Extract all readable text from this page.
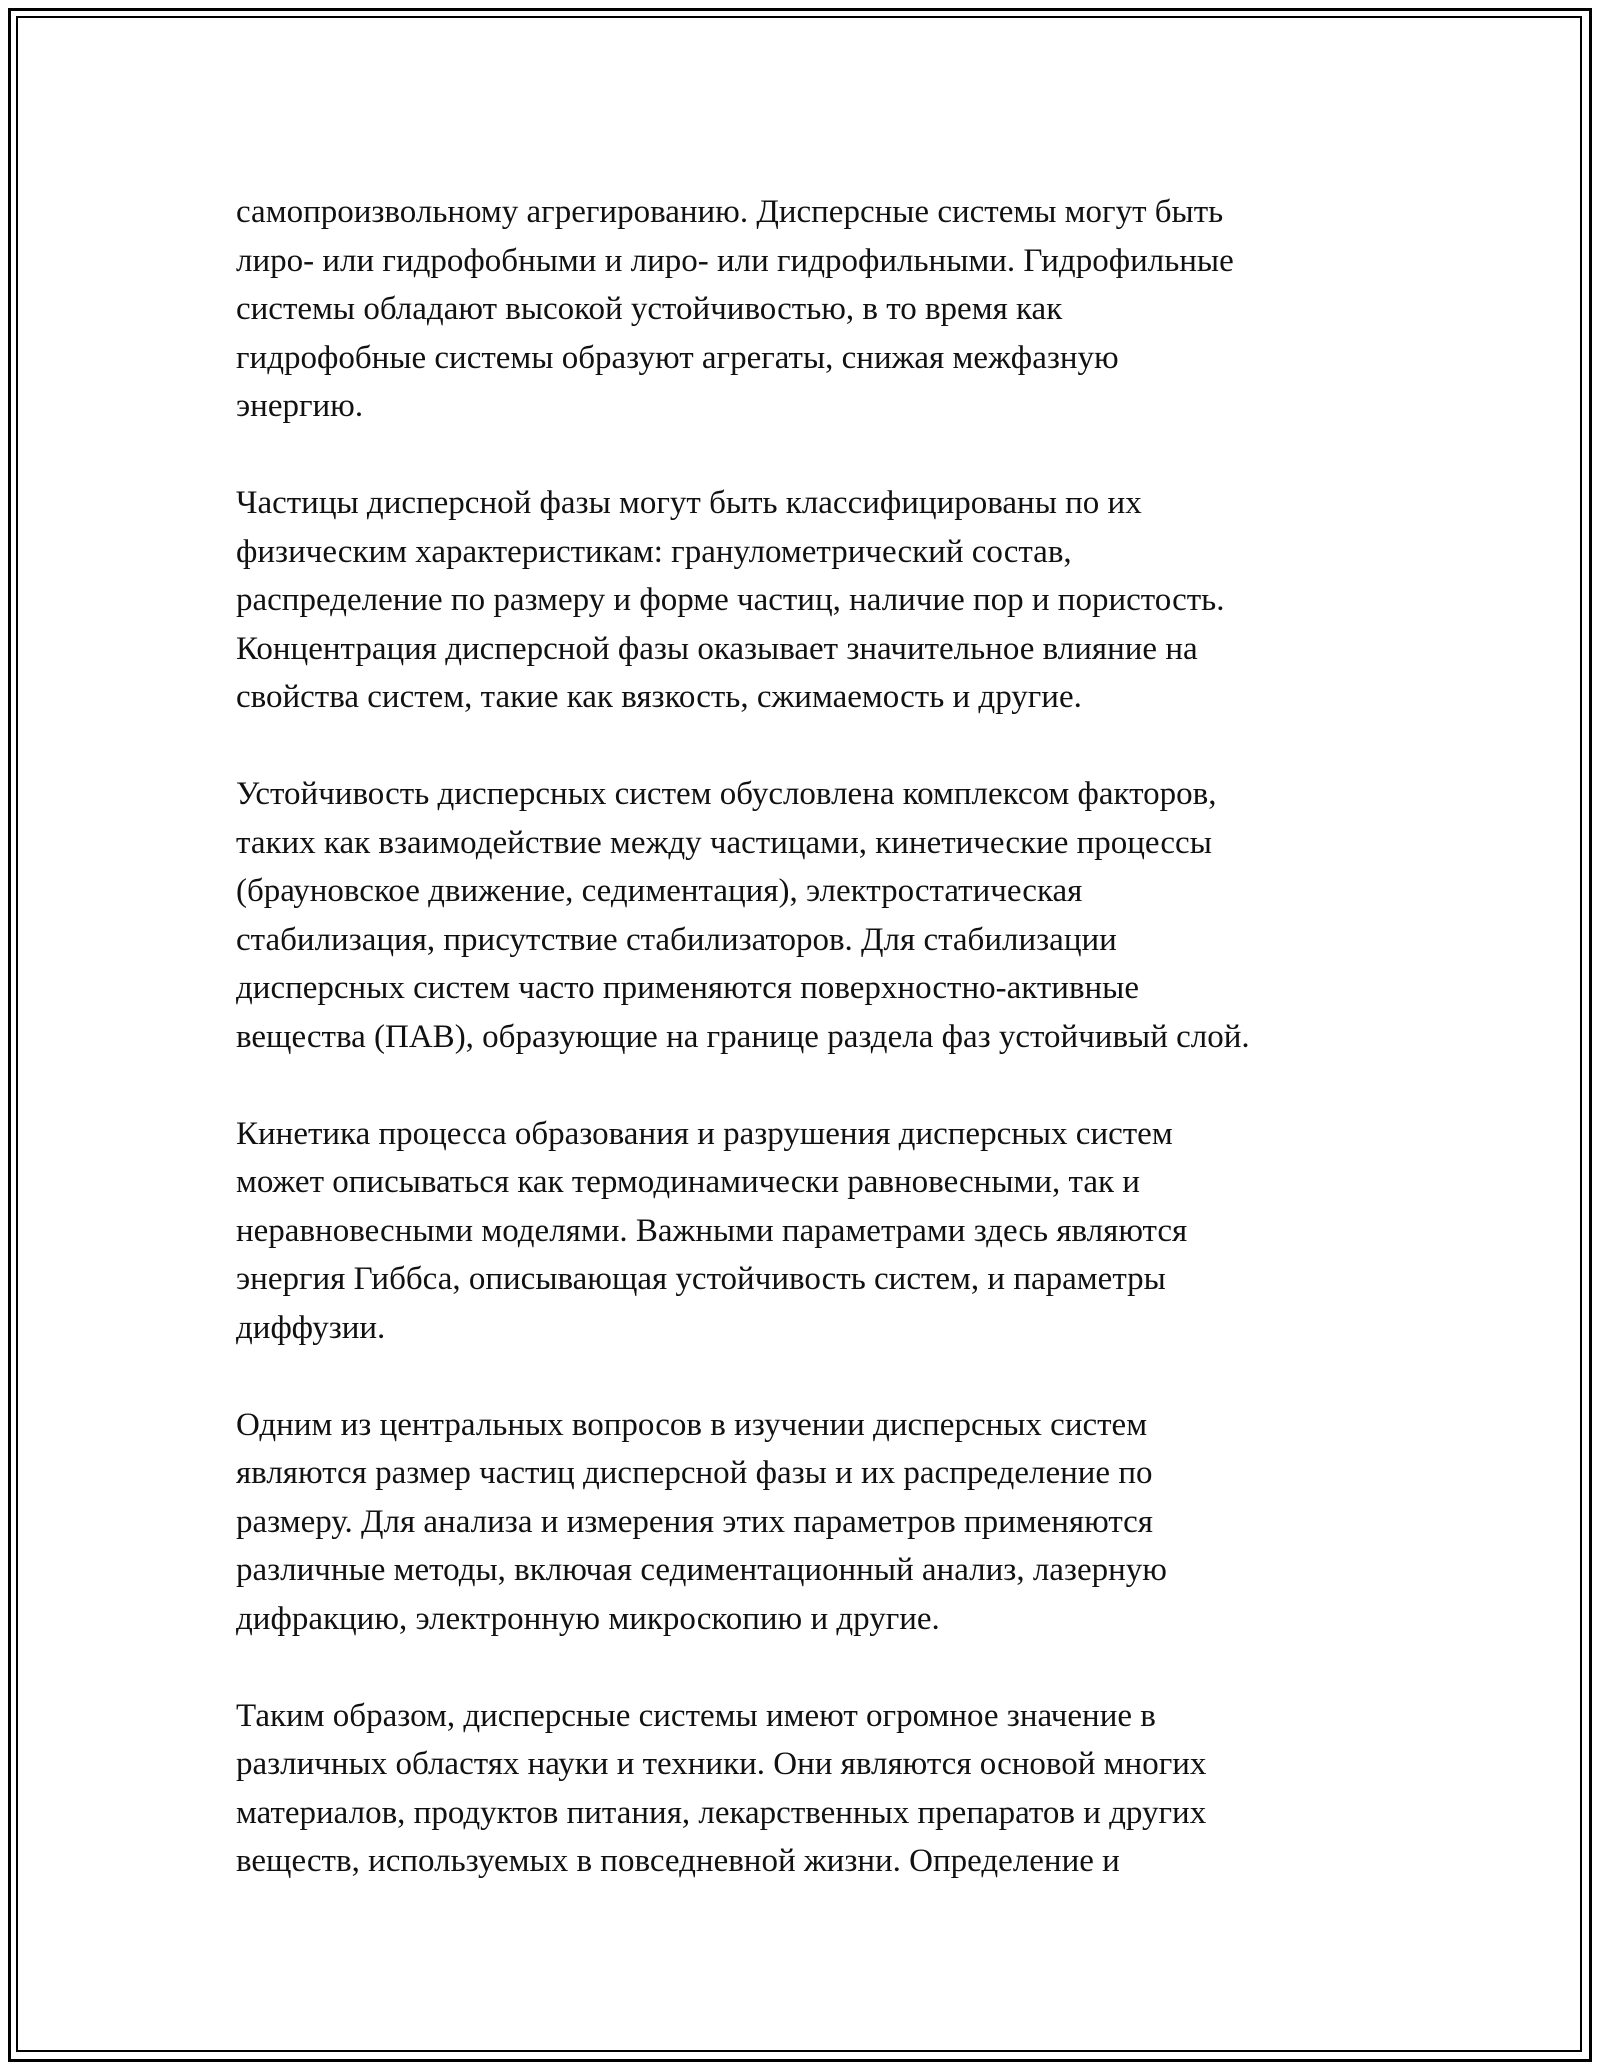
самопроизвольному агрегированию. Дисперсные системы могут быть
лиро- или гидрофобными и лиро- или гидрофильными. Гидрофильные
системы обладают высокой устойчивостью, в то время как
гидрофобные системы образуют агрегаты, снижая межфазную
энергию.
Частицы дисперсной фазы могут быть классифицированы по их
физическим характеристикам: гранулометрический состав,
распределение по размеру и форме частиц, наличие пор и пористость.
Концентрация дисперсной фазы оказывает значительное влияние на
свойства систем, такие как вязкость, сжимаемость и другие.
Устойчивость дисперсных систем обусловлена комплексом факторов,
таких как взаимодействие между частицами, кинетические процессы
(брауновское движение, седиментация), электростатическая
стабилизация, присутствие стабилизаторов. Для стабилизации
дисперсных систем часто применяются поверхностно-активные
вещества (ПАВ), образующие на границе раздела фаз устойчивый слой.
Кинетика процесса образования и разрушения дисперсных систем
может описываться как термодинамически равновесными, так и
неравновесными моделями. Важными параметрами здесь являются
энергия Гиббса, описывающая устойчивость систем, и параметры
диффузии.
Одним из центральных вопросов в изучении дисперсных систем
являются размер частиц дисперсной фазы и их распределение по
размеру. Для анализа и измерения этих параметров применяются
различные методы, включая седиментационный анализ, лазерную
дифракцию, электронную микроскопию и другие.
Таким образом, дисперсные системы имеют огромное значение в
различных областях науки и техники. Они являются основой многих
материалов, продуктов питания, лекарственных препаратов и других
веществ, используемых в повседневной жизни. Определение и
